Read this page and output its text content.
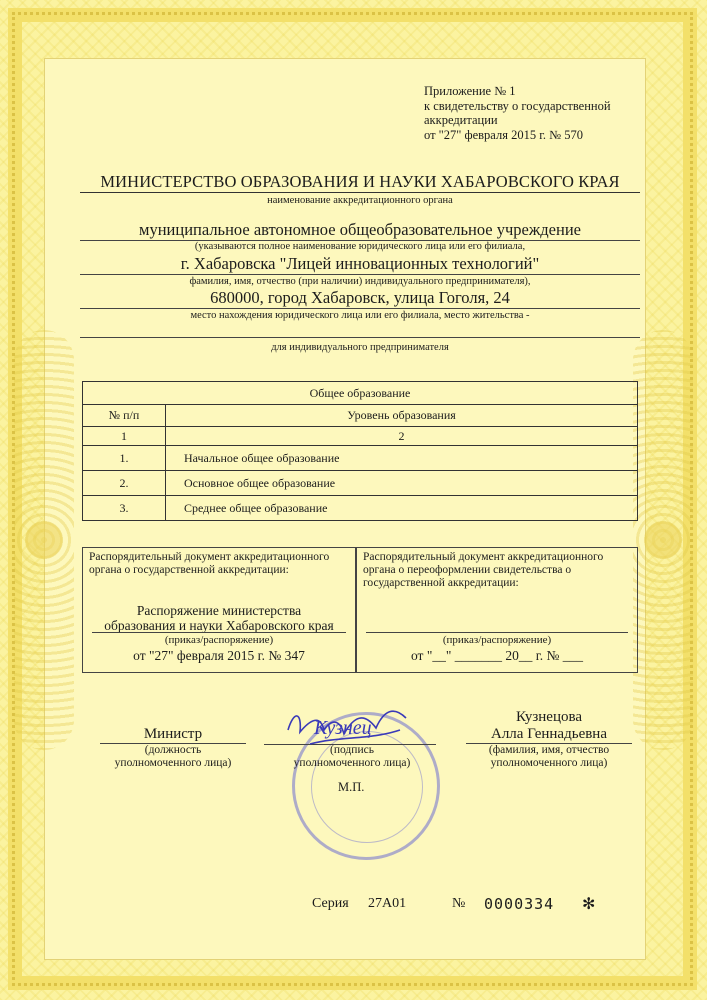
Приложение № 1
к свидетельству о государственной
аккредитации
от "27" февраля 2015 г. № 570
МИНИСТЕРСТВО ОБРАЗОВАНИЯ И НАУКИ ХАБАРОВСКОГО КРАЯ
наименование аккредитационного органа
муниципальное автономное общеобразовательное учреждение
(указываются полное наименование юридического лица или его филиала,
г. Хабаровска "Лицей инновационных технологий"
фамилия, имя, отчество (при наличии) индивидуального предпринимателя),
680000, город Хабаровск, улица Гоголя, 24
место нахождения юридического лица или его филиала, место жительства -
для индивидуального предпринимателя
Общее образование	
№ п/п	Уровень образования
1	2
1.	Начальное общее образование
2.	Основное общее образование
3.	Среднее общее образование
Распорядительный документ аккредитационного органа о государственной аккредитации:
Распорядительный документ аккредитационного органа о переоформлении свидетельства о государственной аккредитации:
Распоряжение министерства
образования и науки Хабаровского края
(приказ/распоряжение)
от "27" февраля 2015 г. № 347
(приказ/распоряжение)
от "__" _______ 20__ г. № ___
Министр
(должность
уполномоченного лица)
Кузнец
(подпись
уполномоченного лица)
М.П.
Кузнецова
Алла Геннадьевна
(фамилия, имя, отчество
уполномоченного лица)
Серия 27А01	№ 0000334 ✻
